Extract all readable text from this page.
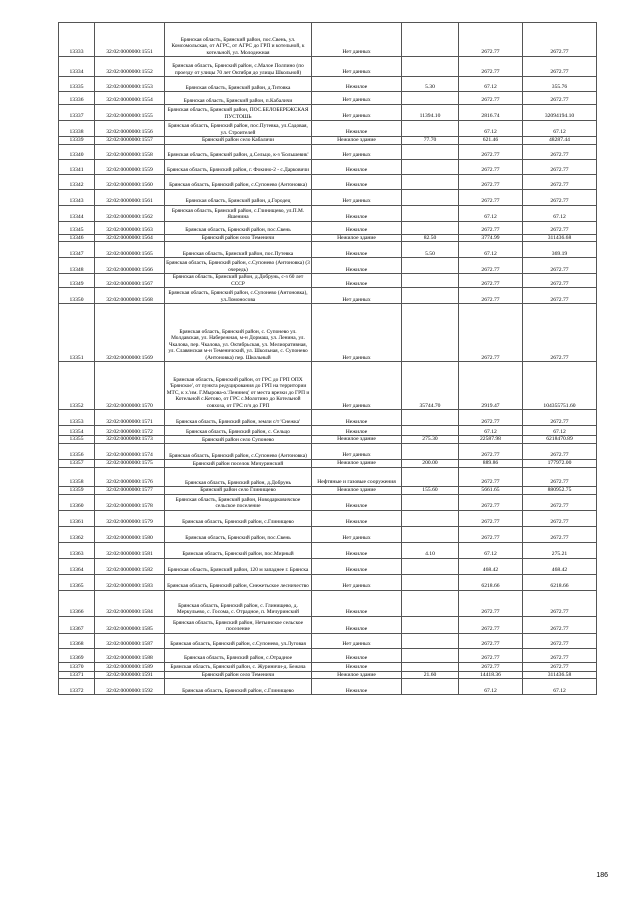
13333	32:02:0000000:1551	Брянская область, Брянский район, пос.Свень, ул. Комсомольская, от АГРС, от АГРС до ГРП и котельной, к котельной, ул. Молодежная	Нет данных		2672.77	2672.77
13334	32:02:0000000:1552	Брянская область, Брянский район, с.Малое Полпино (по проезду от улицы 70 лет Октября до улицы Школьной)	Нет данных		2672.77	2672.77
13335	32:02:0000000:1553	Брянская область, Брянский район, д.Титовка	Нежилое	5.30	67.12	355.76
13336	32:02:0000000:1554	Брянская область, Брянский район, п.Кабаличи	Нет данных		2672.77	2672.77
13337	32:02:0000000:1555	Брянская область, Брянский район, ПОС.БЕЛОБЕРЕЖСКАЯ ПУСТОШЬ	Нет данных	11394.10	2816.74	32094194.10
13338	32:02:0000000:1556	Брянская область, Брянский район, пос.Путевка, ул.Садовая, ул. Строителей	Нежилое		67.12	67.12
13339	32:02:0000000:1557	Брянский район село Кабаличи	Нежилое здание	77.70	621.46	48287.44
13340	32:02:0000000:1558	Брянская область, Брянский район, д.Сельцо, к-з 'Большевик'	Нет данных		2672.77	2672.77
13341	32:02:0000000:1559	Брянская область, Брянский район, г. Фокино-2 - с.Дарковичи	Нежилое		2672.77	2672.77
13342	32:02:0000000:1560	Брянская область, Брянский район, с.Супонево (Антоновка)	Нежилое		2672.77	2672.77
13343	32:02:0000000:1561	Брянская область, Брянский район, д.Городец	Нет данных		2672.77	2672.77
13344	32:02:0000000:1562	Брянская область, Брянский район, с.Глинищево, ул.П.М. Яшенина	Нежилое		67.12	67.12
13345	32:02:0000000:1563	Брянская область, Брянский район, пос.Свень	Нежилое		2672.77	2672.77
13346	32:02:0000000:1564	Брянский район село Теменичи	Нежилое здание	82.50	3774.99	311436.68
13347	32:02:0000000:1565	Брянская область, Брянский район, пос.Путевка	Нежилое	5.50	67.12	369.19
13348	32:02:0000000:1566	Брянская область, Брянский район, с.Супонево (Антоновка) (3 очередь)	Нежилое		2672.77	2672.77
13349	32:02:0000000:1567	Брянская область, Брянский район, д.Добрунь, с-з 60 лет СССР	Нежилое		2672.77	2672.77
13350	32:02:0000000:1568	Брянская область, Брянский район, с.Супонево (Антоновка), ул.Ломоносова	Нет данных		2672.77	2672.77
13351	32:02:0000000:1569	Брянская область, Брянский район, с. Супонево ул. Молдавская, ул. Набережная, м-н Дормаш, ул. Ленина, ул. Чкалова, пер. Чкалова, ул. Октябрьская, ул. Мелиоративная, ул. Славянская м-н Теменичский, ул. Школьная, с. Супонево (Антоновка) пер. Школьный	Нет данных		2672.77	2672.77
13352	32:02:0000000:1570	Брянская область, Брянский район, от ГРС до ГРП ОПХ 'Брянское', от пункта редуцирования до ГРП на территории МТС, к х.'им. Г.Мырова-о.'Ленинец' от места врезки до ГРП и Котельной с.Кетово, от ГРС с.Молотино до Котельной совхоза, от ГРС п/ч до ГРП	Нет данных	35744.70	2919.47	104355751.60
13353	32:02:0000000:1571	Брянская область, Брянский район, земли с/т 'Снежка'	Нежилое		2672.77	2672.77
13354	32:02:0000000:1572	Брянская область, Брянский район, с. Сельцо	Нежилое		67.12	67.12
13355	32:02:0000000:1573	Брянский район село Супонево	Нежилое здание	275.30	22587.98	6218470.89
13356	32:02:0000000:1574	Брянская область, Брянский район, с.Супонево (Антоновка)	Нет данных		2672.77	2672.77
13357	32:02:0000000:1575	Брянский район поселок Мичуринский	Нежилое здание	200.00	889.86	177972.00
13358	32:02:0000000:1576	Брянская область, Брянский район, д.Добрунь	Нефтяные и газовые сооружения		2672.77	2672.77
13359	32:02:0000000:1577	Брянский район село Глинищево	Нежилое здание	155.60	5661.65	880952.75
13360	32:02:0000000:1578	Брянская область, Брянский район, Новодарковичское сельское поселение	Нежилое		2672.77	2672.77
13361	32:02:0000000:1579	Брянская область, Брянский район, с.Глинищево	Нежилое		2672.77	2672.77
13362	32:02:0000000:1580	Брянская область, Брянский район, пос.Свень	Нет данных		2672.77	2672.77
13363	32:02:0000000:1581	Брянская область, Брянский район, пос.Мирный	Нежилое	4.10	67.12	275.21
13364	32:02:0000000:1582	Брянская область, Брянский район, 120 м западнее г. Брянска	Нежилое		468.42	468.42
13365	32:02:0000000:1583	Брянская область, Брянский район, Снежетьское лесничество	Нет данных		6218.66	6218.66
13366	32:02:0000000:1584	Брянская область, Брянский район, с. Глинищево, д. Меркульево, с. Госома, с. Отрадное, п. Мичуринский	Нежилое		2672.77	2672.77
13367	32:02:0000000:1585	Брянская область, Брянский район, Нетьинское сельское поселение	Нежилое		2672.77	2672.77
13368	32:02:0000000:1587	Брянская область, Брянский район, с.Супонево, ул.Луговая	Нет данных		2672.77	2672.77
13369	32:02:0000000:1588	Брянская область, Брянский район, с.Отрадное	Нежилое		2672.77	2672.77
13370	32:02:0000000:1589	Брянская область, Брянский район, с. Журиничи-д. Бежача	Нежилое		2672.77	2672.77
13371	32:02:0000000:1591	Брянский район село Теменичи	Нежилое здание	21.60	14418.36	311436.58
13372	32:02:0000000:1592	Брянская область, Брянский район, с.Глинищево	Нежилое		67.12	67.12
186
